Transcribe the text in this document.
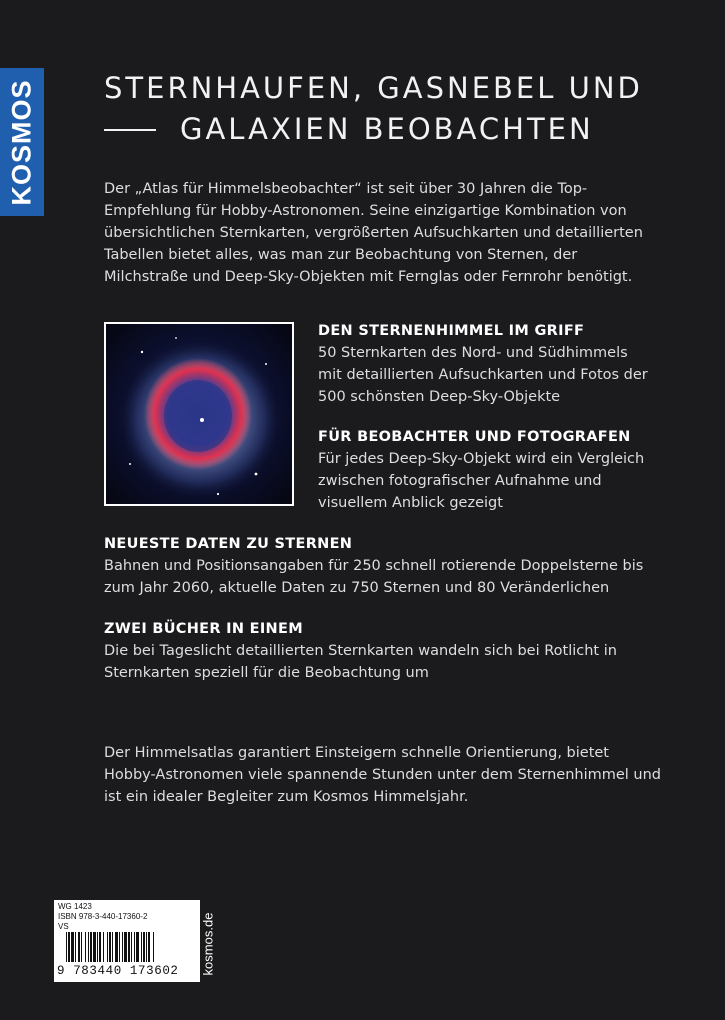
KOSMOS STERNHAUFEN, GASNEBEL UND
GALAXIEN BEOBACHTEN
Der „Atlas für Himmelsbeobachter“ ist seit über 30 Jahren die Top-Empfehlung für Hobby-Astronomen. Seine einzigartige Kombination von übersichtlichen Sternkarten, vergrößerten Aufsuchkarten und detaillierten Tabellen bietet alles, was man zur Beobachtung von Sternen, der Milchstraße und Deep-Sky-Objekten mit Fernglas oder Fernrohr benötigt.
DEN STERNENHIMMEL IM GRIFF
50 Sternkarten des Nord- und Südhimmels mit detaillierten Aufsuchkarten und Fotos der 500 schönsten Deep-Sky-Objekte
FÜR BEOBACHTER UND FOTOGRAFEN
Für jedes Deep-Sky-Objekt wird ein Vergleich zwischen fotografischer Aufnahme und visuellem Anblick gezeigt
NEUESTE DATEN ZU STERNEN
Bahnen und Positionsangaben für 250 schnell rotierende Doppelsterne bis zum Jahr 2060, aktuelle Daten zu 750 Sternen und 80 Veränderlichen
ZWEI BÜCHER IN EINEM
Die bei Tageslicht detaillierten Sternkarten wandeln sich bei Rotlicht in Sternkarten speziell für die Beobachtung um
Der Himmelsatlas garantiert Einsteigern schnelle Orientierung, bietet Hobby-Astronomen viele spannende Stunden unter dem Sternenhimmel und ist ein idealer Begleiter zum Kosmos Himmelsjahr.
WG 1423
ISBN 978-3-440-17360-2
VS
9 783440 173602 kosmos.de
